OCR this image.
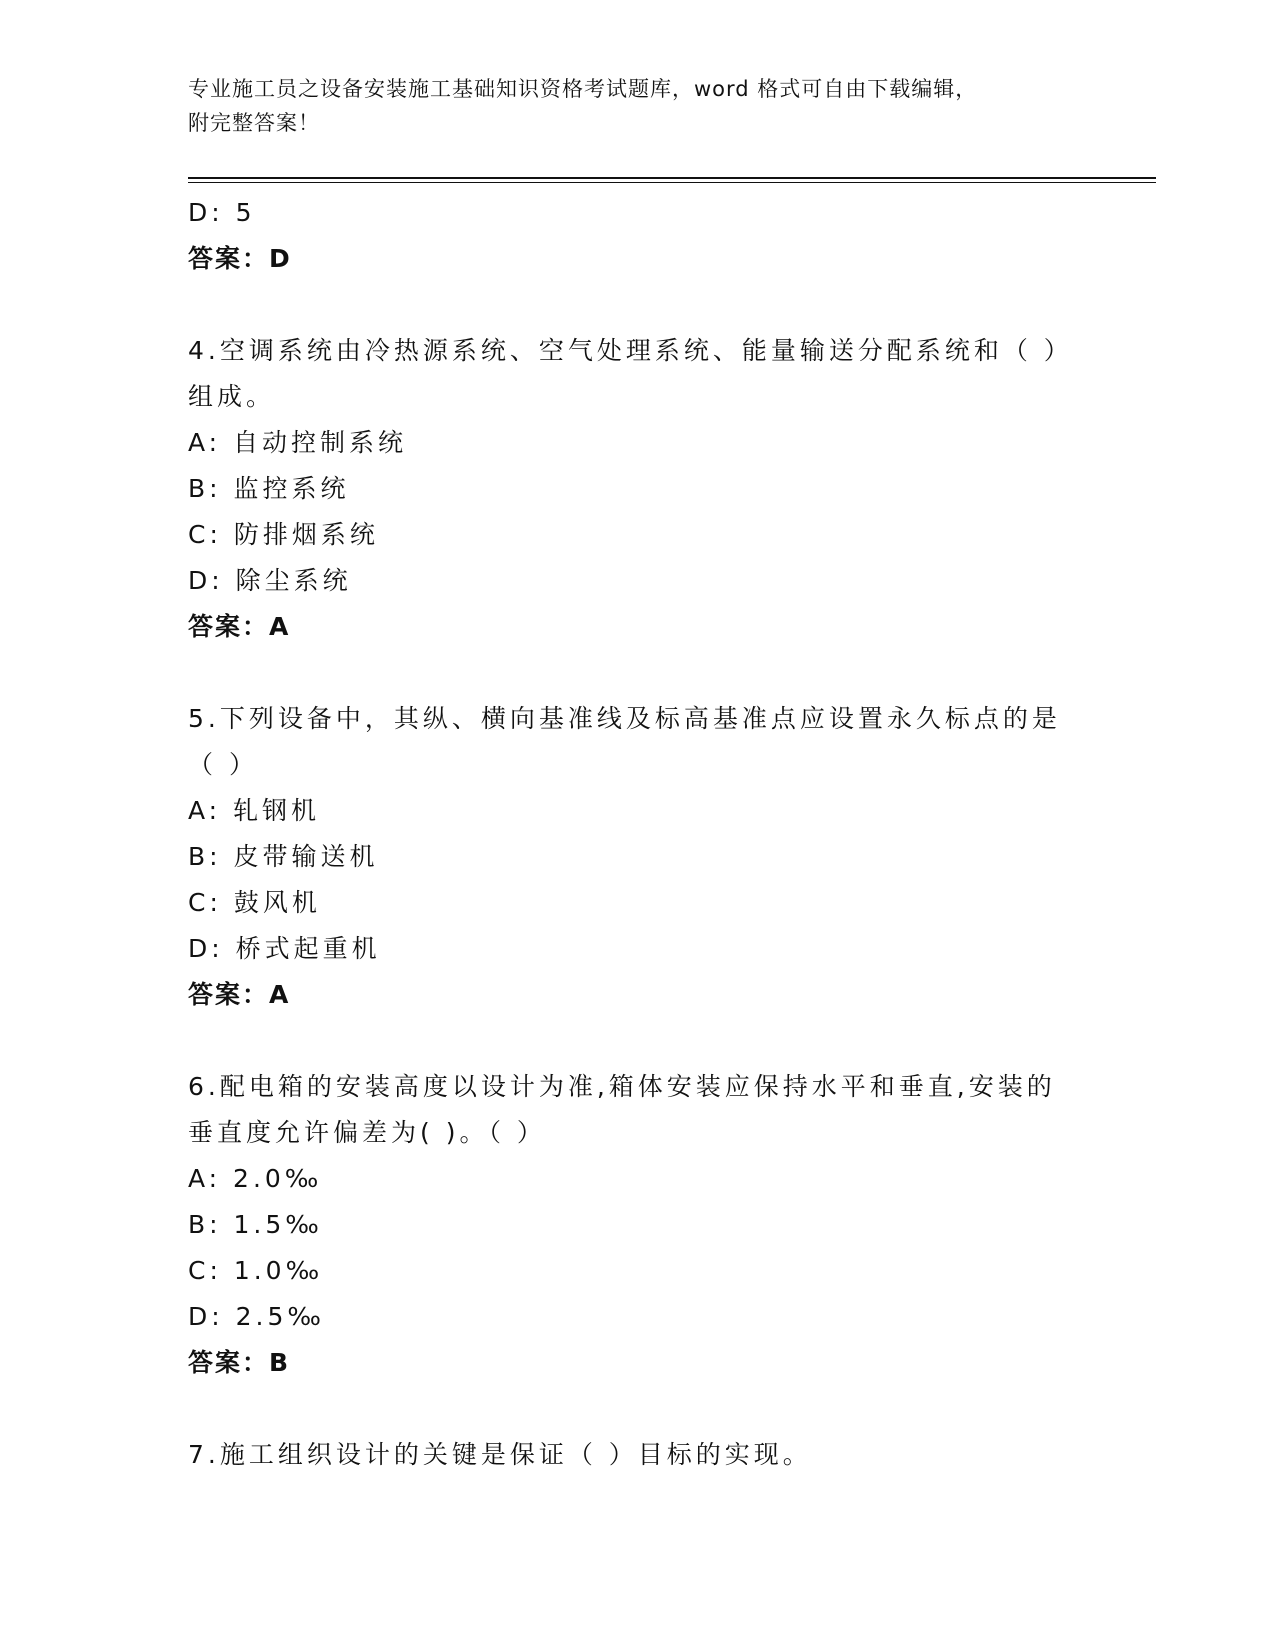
专业施工员之设备安装施工基础知识资格考试题库，word 格式可自由下载编辑，
附完整答案！
D: 5
答案：D
4.空调系统由冷热源系统、空气处理系统、能量输送分配系统和（ ）
组成。
A: 自动控制系统
B: 监控系统
C: 防排烟系统
D: 除尘系统
答案：A
5.下列设备中，其纵、横向基准线及标高基准点应设置永久标点的是
（ ）
A: 轧钢机
B: 皮带输送机
C: 鼓风机
D: 桥式起重机
答案：A
6.配电箱的安装高度以设计为准,箱体安装应保持水平和垂直,安装的
垂直度允许偏差为( )。（ ）
A: 2.0‰
B: 1.5‰
C: 1.0‰
D: 2.5‰
答案：B
7.施工组织设计的关键是保证（ ）目标的实现。
